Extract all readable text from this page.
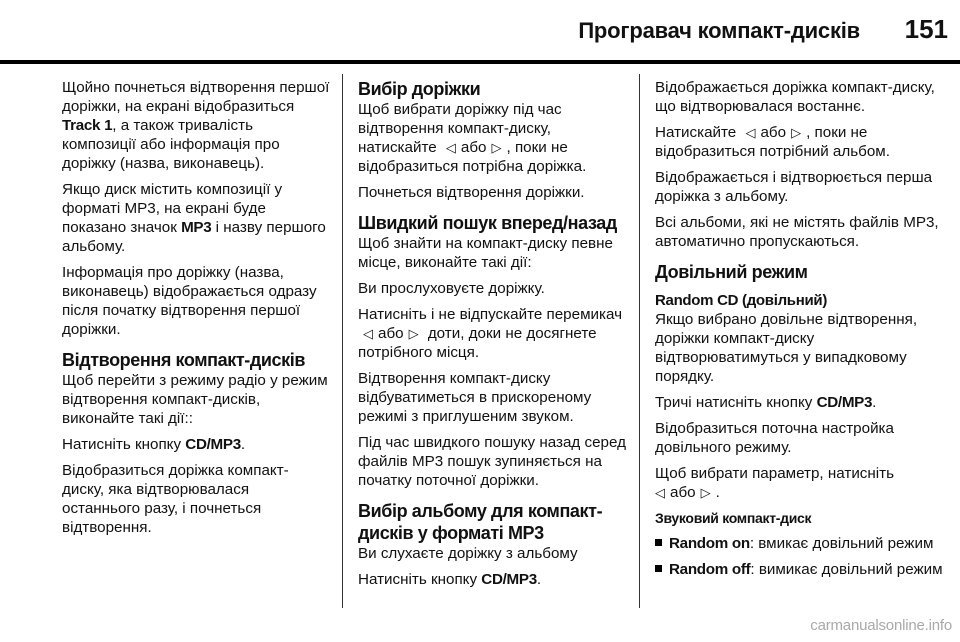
Програвач компакт-дисків	151

Щойно почнеться відтворення першої доріжки, на екрані відобразиться Track 1, а також тривалість композиції або інформація про доріжку (назва, виконавець).

Якщо диск містить композиції у форматі MP3, на екрані буде показано значок MP3 і назву першого альбому.

Інформація про доріжку (назва, виконавець) відображається одразу після початку відтворення першої доріжки.

Відтворення компакт-дисків

Щоб перейти з режиму радіо у режим відтворення компакт-дисків, виконайте такі дії::

Натисніть кнопку CD/MP3.

Відобразиться доріжка компакт-диску, яка відтворювалася останнього разу, і почнеться відтворення.

Вибір доріжки

Щоб вибрати доріжку під час відтворення компакт-диску, натискайте ◁ або ▷ , поки не відобразиться потрібна доріжка.

Почнеться відтворення доріжки.

Швидкий пошук вперед/назад

Щоб знайти на компакт-диску певне місце, виконайте такі дії:

Ви прослуховуєте доріжку.

Натисніть і не відпускайте перемикач ◁ або ▷ доти, доки не досягнете потрібного місця.

Відтворення компакт-диску відбуватиметься в прискореному режимі з приглушеним звуком.

Під час швидкого пошуку назад серед файлів MP3 пошук зупиняється на початку поточної доріжки.

Вибір альбому для компакт-дисків у форматі MP3

Ви слухаєте доріжку з альбому

Натисніть кнопку CD/MP3.

Відображається доріжка компакт-диску, що відтворювалася востаннє.

Натискайте ◁ або ▷ , поки не відобразиться потрібний альбом.

Відображається і відтворюється перша доріжка з альбому.

Всі альбоми, які не містять файлів MP3, автоматично пропускаються.

Довільний режим
Random CD (довільний)

Якщо вибрано довільне відтворення, доріжки компакт-диску відтворюватимуться у випадковому порядку.

Тричі натисніть кнопку CD/MP3.

Відобразиться поточна настройка довільного режиму.

Щоб вибрати параметр, натисніть
◁ або ▷ .

Звуковий компакт-диск
Random on: вмикає довільний режим
Random off: вимикає довільний режим
carmanualsonline.info
